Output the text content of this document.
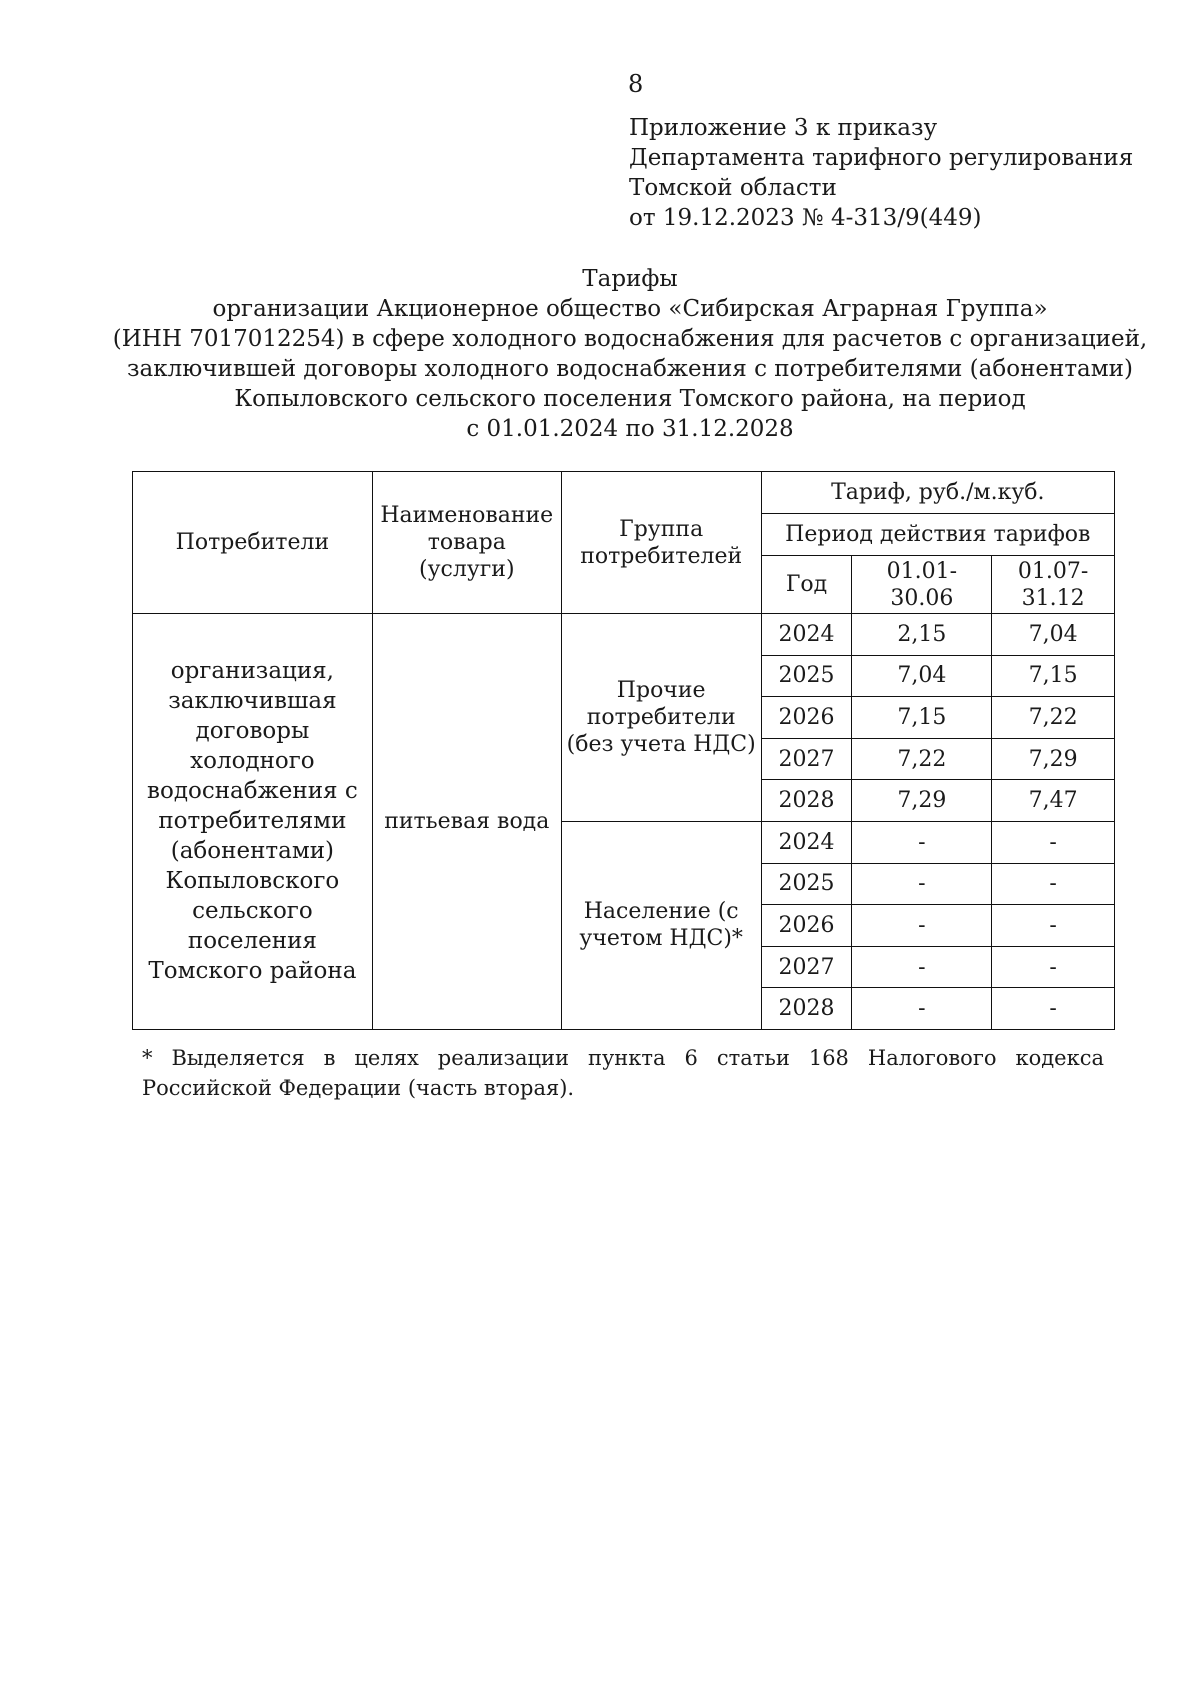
8
Приложение 3 к приказу
Департамента тарифного регулирования
Томской области
от 19.12.2023 № 4-313/9(449)
Тарифы
организации Акционерное общество «Сибирская Аграрная Группа»
(ИНН 7017012254) в сфере холодного водоснабжения для расчетов с организацией,
заключившей договоры холодного водоснабжения с потребителями (абонентами)
Копыловского сельского поселения Томского района, на период
с 01.01.2024 по 31.12.2028
Потребители	Наименование товара (услуги)	Группа потребителей	Тариф, руб./м.куб.		
			Период действия тарифов		
			Год	01.01-30.06	01.07-31.12
организация, заключившая договоры холодного водоснабжения с потребителями (абонентами) Копыловского сельского поселения Томского района	питьевая вода	Прочие потребители (без учета НДС)	2024	2,15	7,04
			2025	7,04	7,15
			2026	7,15	7,22
			2027	7,22	7,29
			2028	7,29	7,47
		Население (с учетом НДС)*	2024	-	-
			2025	-	-
			2026	-	-
			2027	-	-
			2028	-	-
* Выделяется в целях реализации пункта 6 статьи 168 Налогового кодекса Российской Федерации (часть вторая).
